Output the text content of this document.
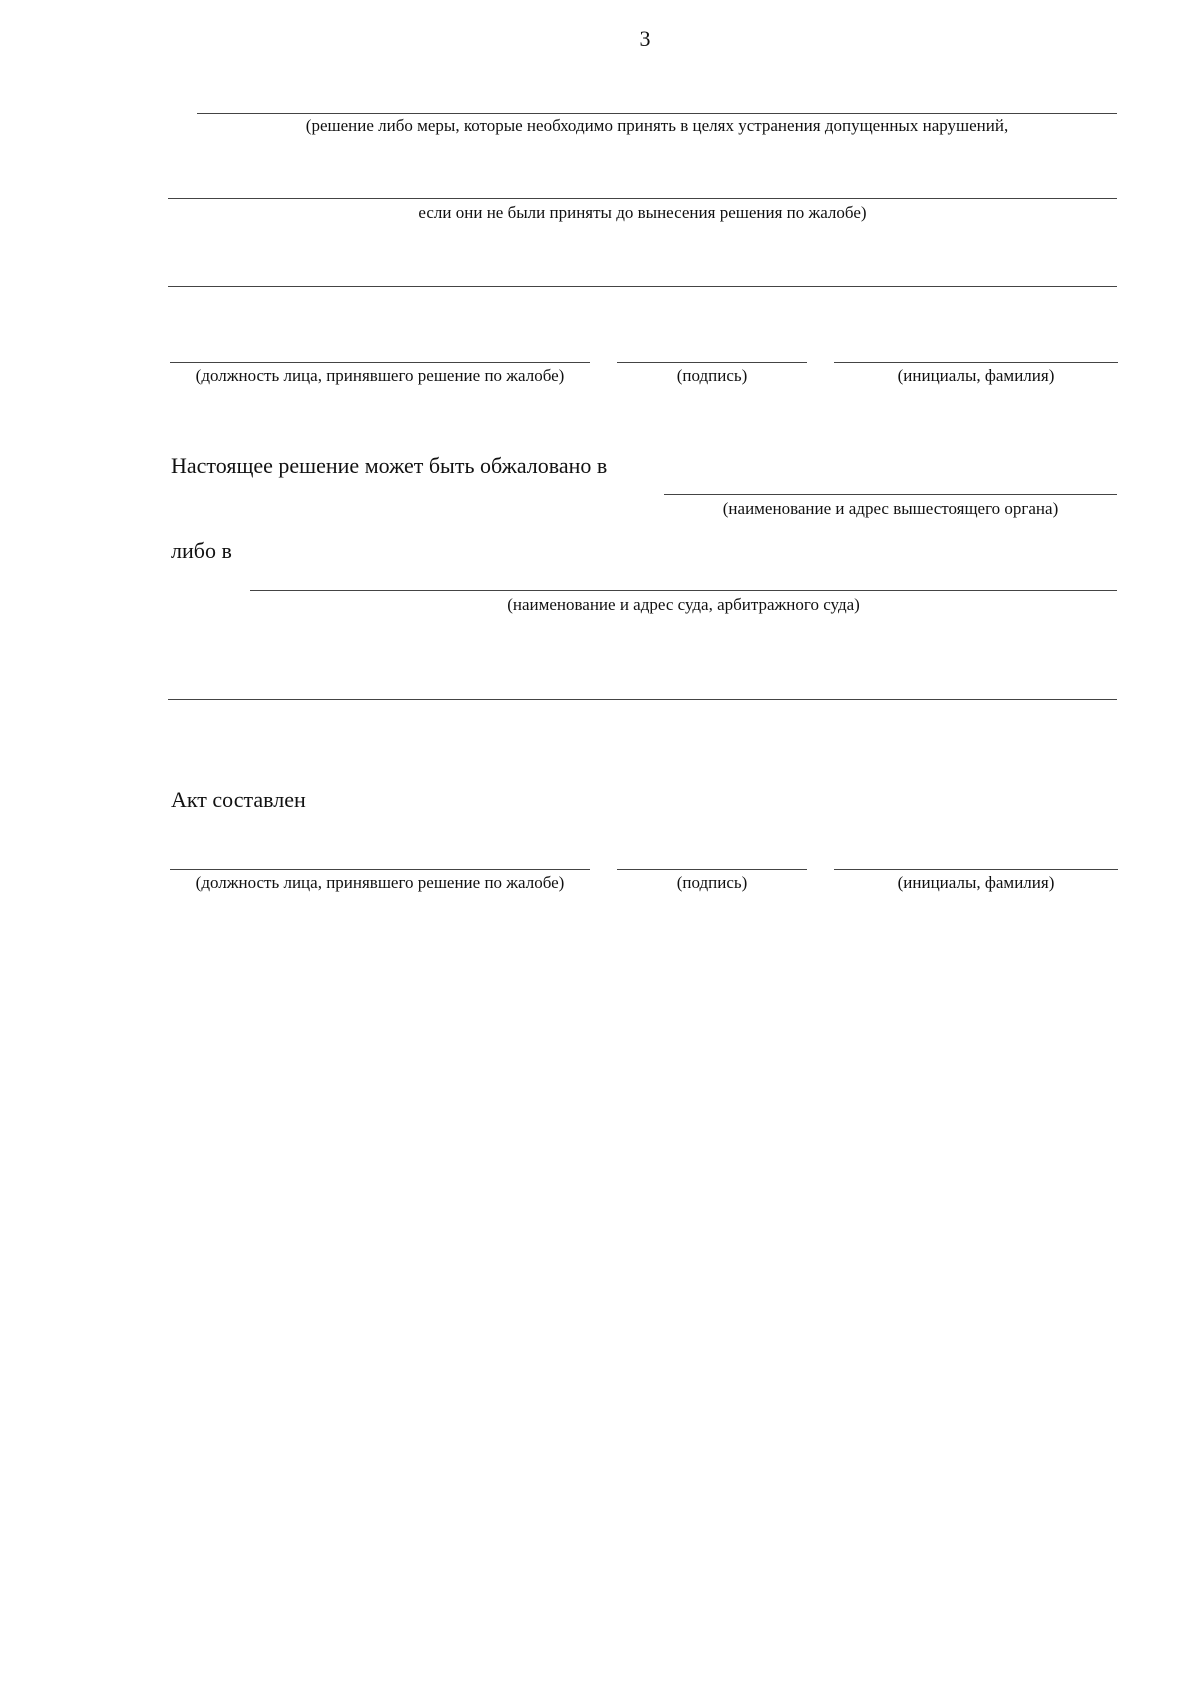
3
(решение либо меры, которые необходимо принять в целях устранения допущенных нарушений,
если они не были приняты до вынесения решения по жалобе)
(должность лица, принявшего решение по жалобе)	(подпись)	(инициалы, фамилия)
Настоящее решение может быть обжаловано в
(наименование и адрес вышестоящего органа)
либо в
(наименование и адрес суда, арбитражного суда)
Акт составлен
(должность лица, принявшего решение по жалобе)	(подпись)	(инициалы, фамилия)
